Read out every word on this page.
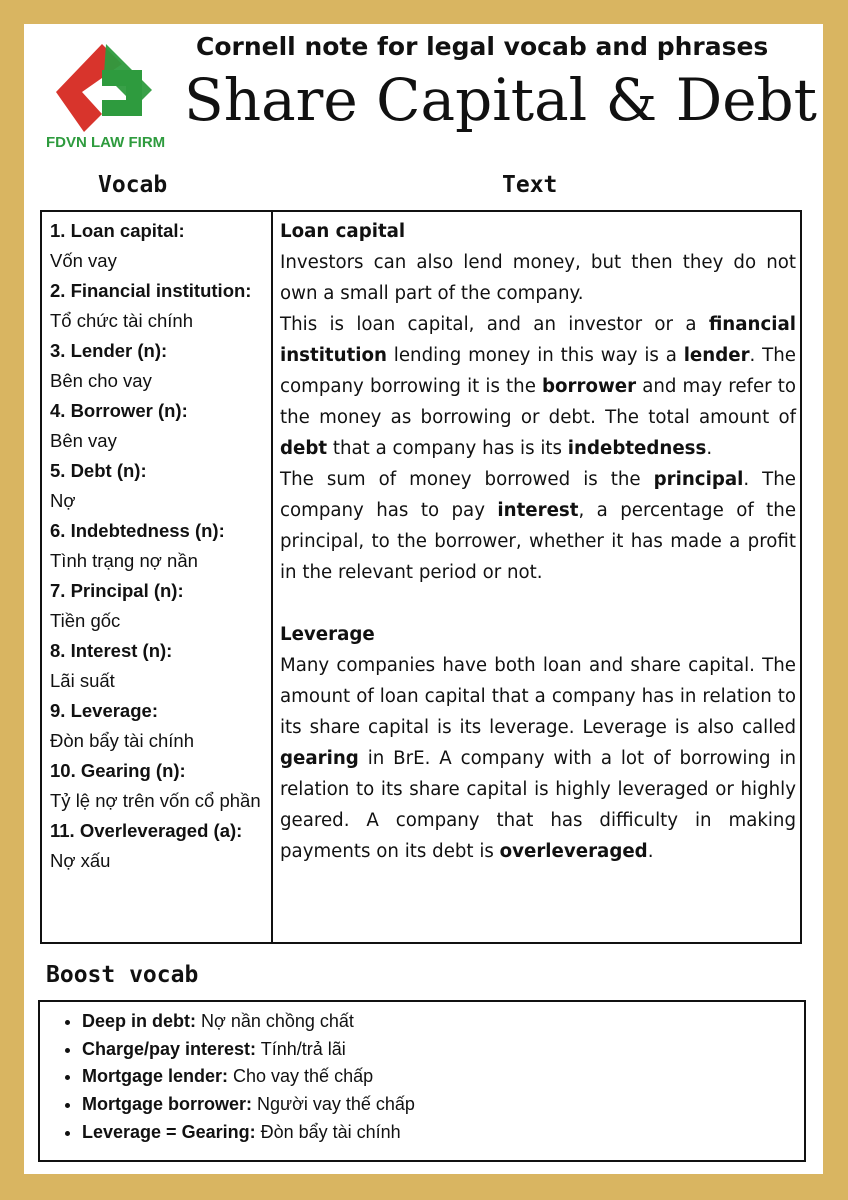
FDVN LAW FIRM
Cornell note for legal vocab and phrases
Share Capital & Debt
Vocab	Text
1. Loan capital:
Vốn vay
2. Financial institution:
Tổ chức tài chính
3. Lender (n):
Bên cho vay
4. Borrower (n):
Bên vay
5. Debt (n):
Nợ
6. Indebtedness (n):
Tình trạng nợ nần
7. Principal (n):
Tiền gốc
8. Interest (n):
Lãi suất
9. Leverage:
Đòn bẩy tài chính
10. Gearing (n):
Tỷ lệ nợ trên vốn cổ phần
11. Overleveraged (a):
Nợ xấu

Loan capital

Investors can also lend money, but then they do not own a small part of the company.

This is loan capital, and an investor or a financial institution lending money in this way is a lender. The company borrowing it is the borrower and may refer to the money as borrowing or debt. The total amount of debt that a company has is its indebtedness.

The sum of money borrowed is the principal. The company has to pay interest, a percentage of the principal, to the borrower, whether it has made a profit in the relevant period or not.

Leverage

Many companies have both loan and share capital. The amount of loan capital that a company has in relation to its share capital is its leverage. Leverage is also called gearing in BrE. A company with a lot of borrowing in relation to its share capital is highly leveraged or highly geared. A company that has difficulty in making payments on its debt is overleveraged.

Boost vocab
• Deep in debt: Nợ nần chồng chất
• Charge/pay interest: Tính/trả lãi
• Mortgage lender: Cho vay thế chấp
• Mortgage borrower: Người vay thế chấp
• Leverage = Gearing: Đòn bẩy tài chính
